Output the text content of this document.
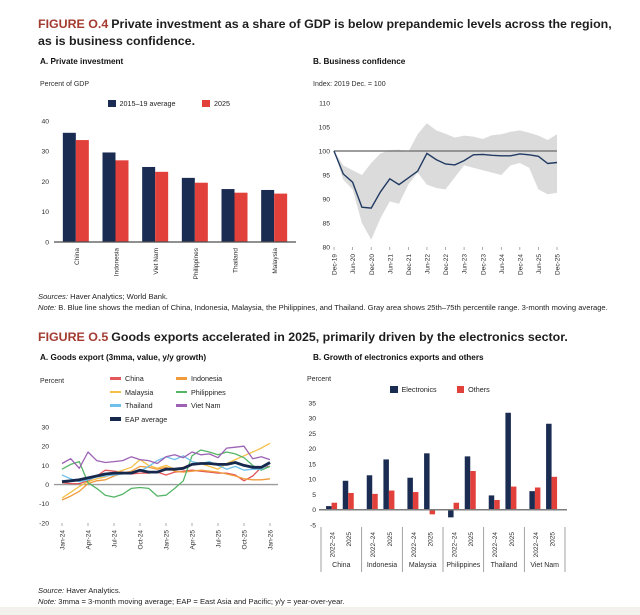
FIGURE O.4 Private investment as a share of GDP is below prepandemic levels across the region, as is business confidence.
A. Private investment	B. Business confidence
Percent of GDP	Index: 2019 Dec. = 100
2015–19 average	2025
0
10
20
30
40
China	Indonesia	Viet Nam	Philippines	Thailand	Malaysia
80
85
90
95
100
105
110
Dec-19 Jun-20 Dec-20 Jun-21 Dec-21 Jun-22 Dec-22 Jun-23 Dec-23 Jun-24 Dec-24 Jun-25 Dec-25
Sources: Haver Analytics; World Bank.
Note: B. Blue line shows the median of China, Indonesia, Malaysia, the Philippines, and Thailand. Gray area shows 25th–75th percentile range. 3-month moving average.
FIGURE O.5 Goods exports accelerated in 2025, primarily driven by the electronics sector.
A. Goods export (3mma, value, y/y growth)	B. Growth of electronics exports and others
Percent	Percent
China	Indonesia
Malaysia	Philippines
Thailand	Viet Nam
EAP average
Electronics	Others
-20
-10
0
10
20
30
Jan-24	Apr-24	Jul-24	Oct-24	Jan-25	Apr-25	Jul-25	Oct-25	Jan-26
-5
0
5
10
15
20
25
30
35
2022–24 2025
China
2022–24 2025
Indonesia
2022–24 2025
Malaysia
2022–24 2025
Philippines
2022–24 2025
Thailand
2022–24 2025
Viet Nam
Source: Haver Analytics.
Note: 3mma = 3-month moving average; EAP = East Asia and Pacific; y/y = year-over-year.
